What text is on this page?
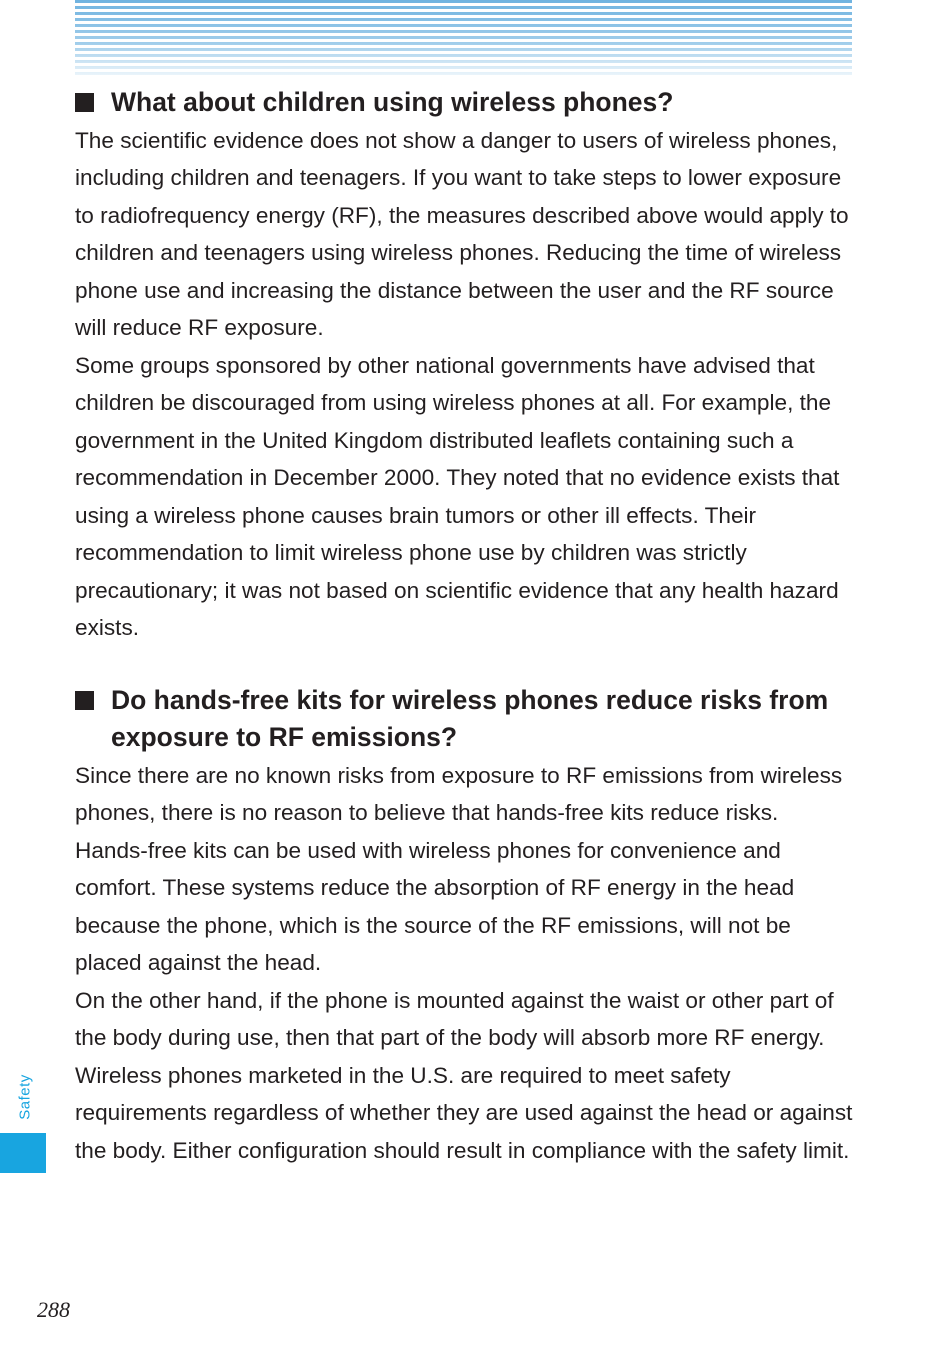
What about children using wireless phones?

The scientific evidence does not show a danger to users of wireless phones, including children and teenagers. If you want to take steps to lower exposure to radiofrequency energy (RF), the measures described above would apply to children and teenagers using wireless phones. Reducing the time of wireless phone use and increasing the distance between the user and the RF source will reduce RF exposure.

Some groups sponsored by other national governments have advised that children be discouraged from using wireless phones at all. For example, the government in the United Kingdom distributed leaflets containing such a recommendation in December 2000. They noted that no evidence exists that using a wireless phone causes brain tumors or other ill effects. Their recommendation to limit wireless phone use by children was strictly precautionary; it was not based on scientific evidence that any health hazard exists.

Do hands-free kits for wireless phones reduce risks from exposure to RF emissions?

Since there are no known risks from exposure to RF emissions from wireless phones, there is no reason to believe that hands-free kits reduce risks. Hands-free kits can be used with wireless phones for convenience and comfort. These systems reduce the absorption of RF energy in the head because the phone, which is the source of the RF emissions, will not be placed against the head.

On the other hand, if the phone is mounted against the waist or other part of the body during use, then that part of the body will absorb more RF energy. Wireless phones marketed in the U.S. are required to meet safety requirements regardless of whether they are used against the head or against the body. Either configuration should result in compliance with the safety limit.

Safety
288
